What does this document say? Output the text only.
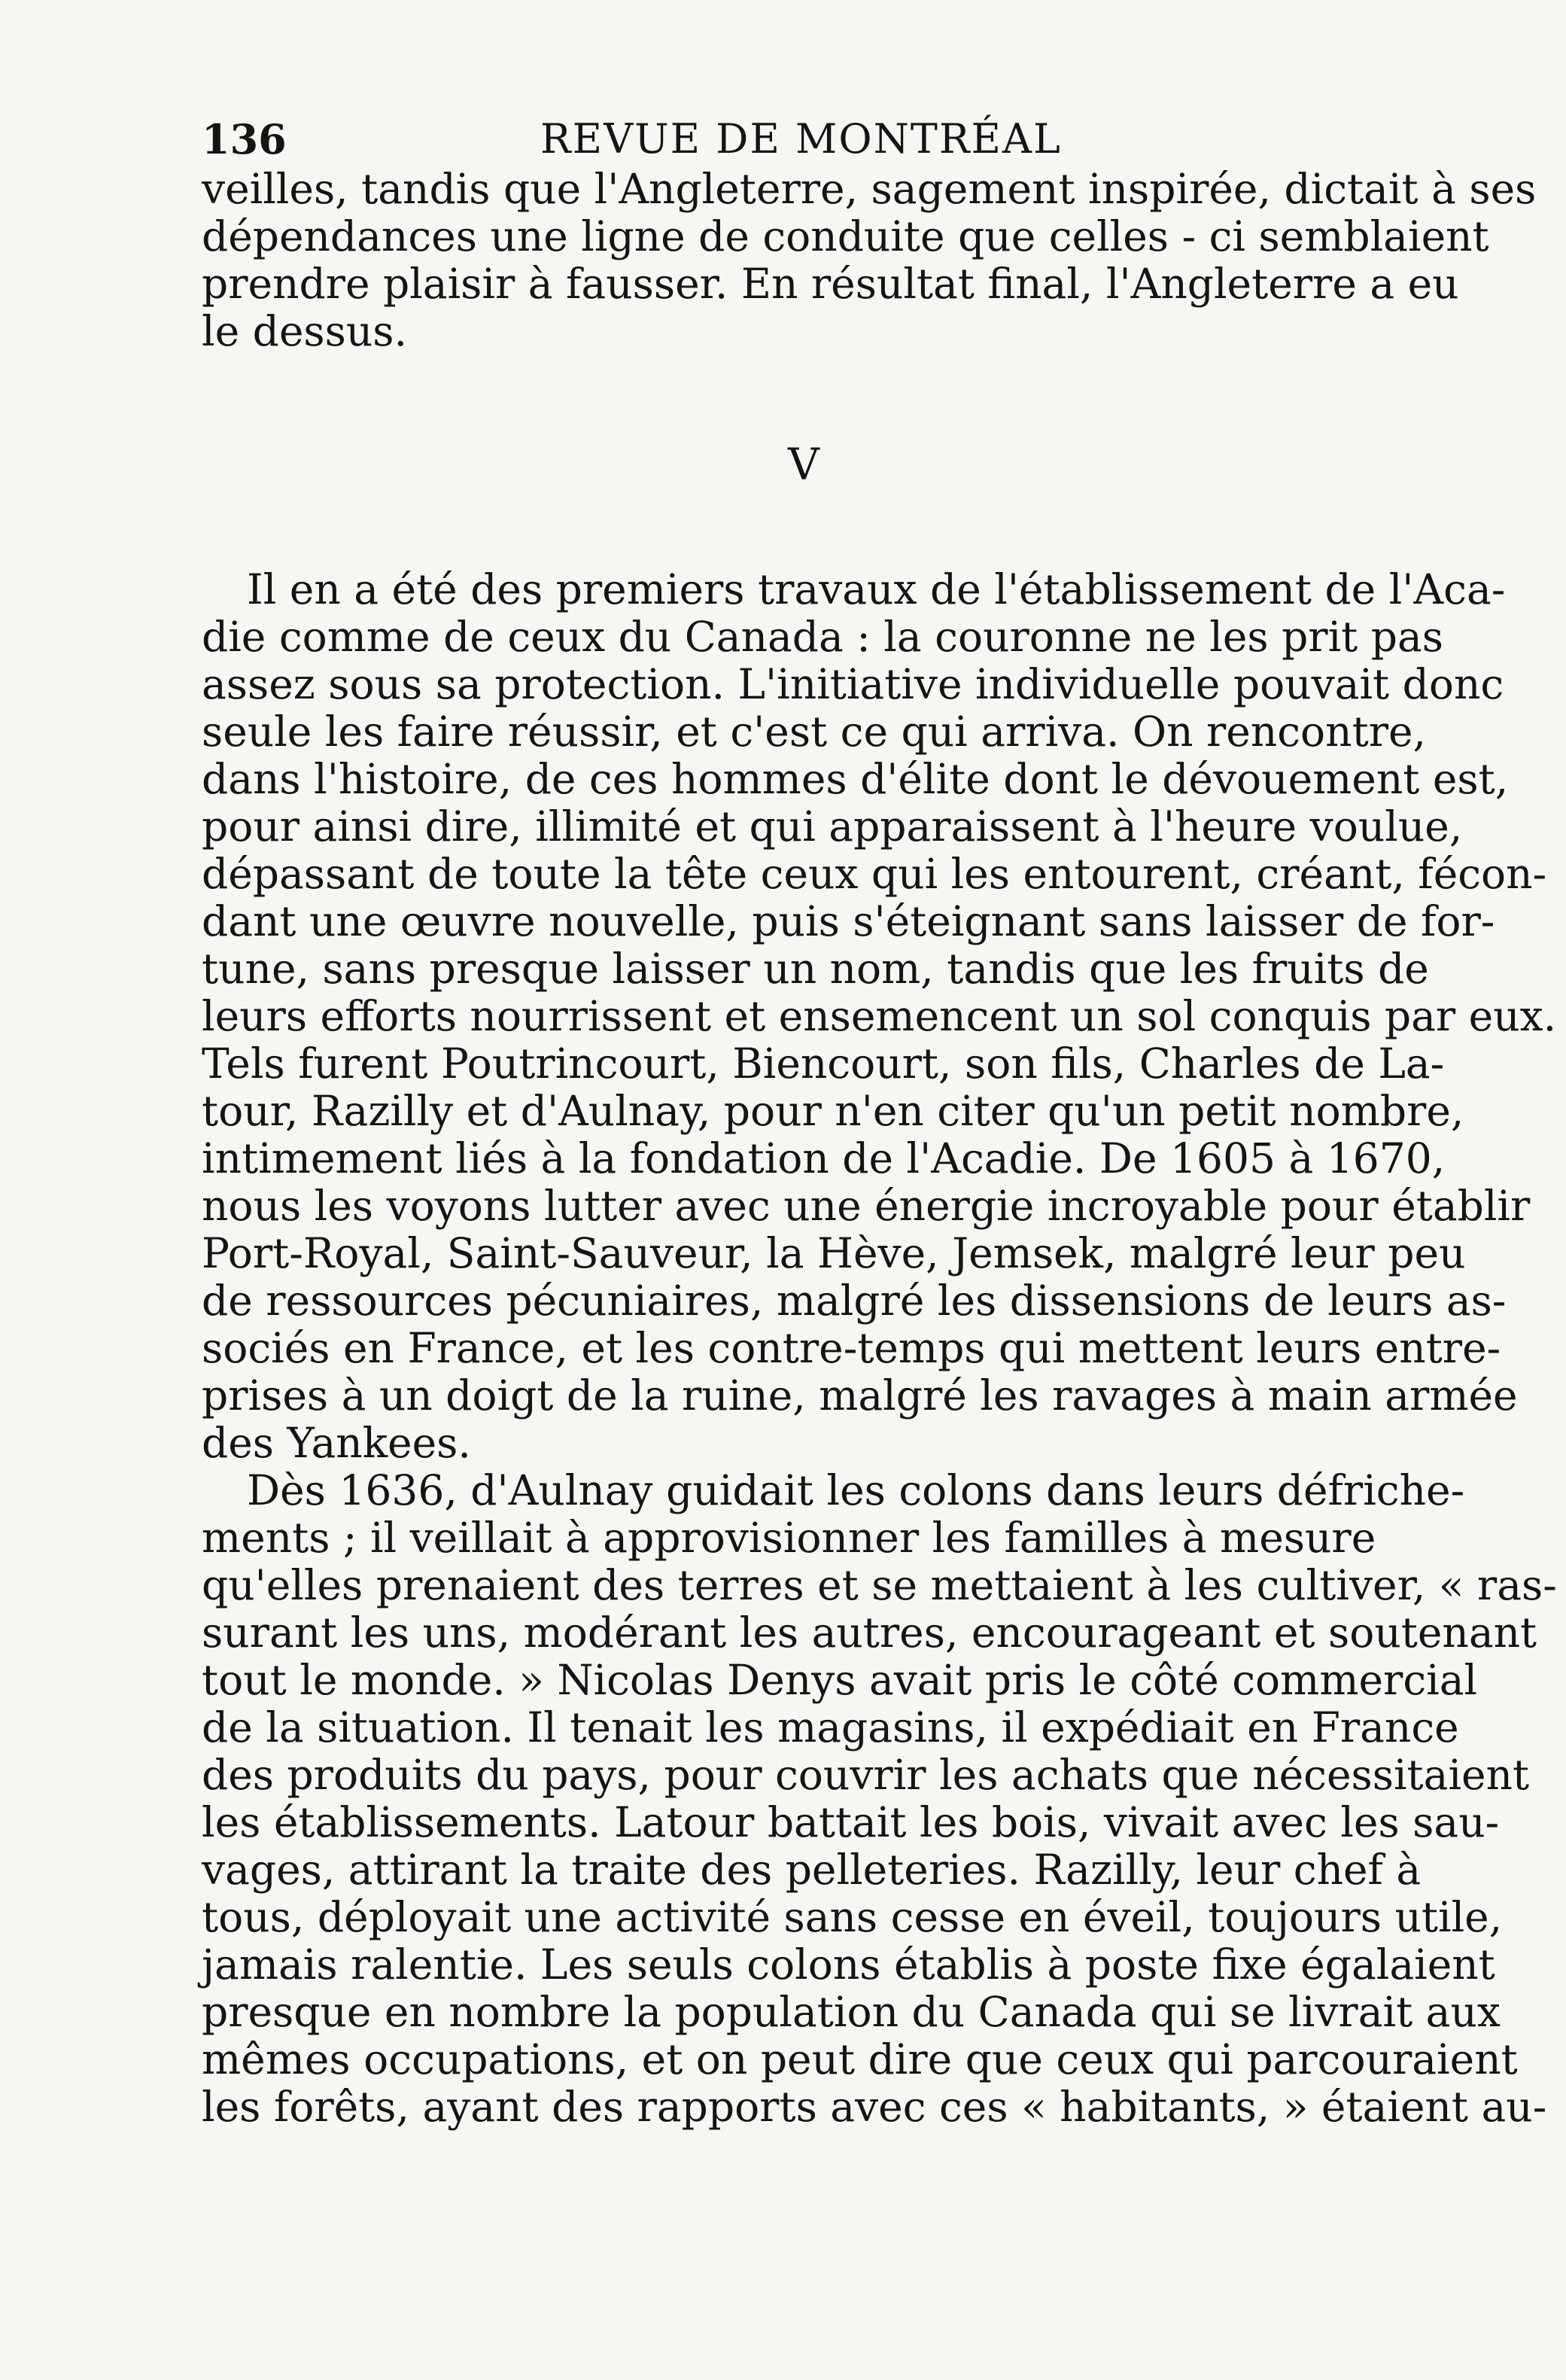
136	REVUE DE MONTRÉAL
veilles, tandis que l'Angleterre, sagement inspirée, dictait à ses
dépendances une ligne de conduite que celles - ci semblaient
prendre plaisir à fausser. En résultat final, l'Angleterre a eu
le dessus.
V
Il en a été des premiers travaux de l'établissement de l'Aca-
die comme de ceux du Canada : la couronne ne les prit pas
assez sous sa protection. L'initiative individuelle pouvait donc
seule les faire réussir, et c'est ce qui arriva. On rencontre,
dans l'histoire, de ces hommes d'élite dont le dévouement est,
pour ainsi dire, illimité et qui apparaissent à l'heure voulue,
dépassant de toute la tête ceux qui les entourent, créant, fécon-
dant une œuvre nouvelle, puis s'éteignant sans laisser de for-
tune, sans presque laisser un nom, tandis que les fruits de
leurs efforts nourrissent et ensemencent un sol conquis par eux.
Tels furent Poutrincourt, Biencourt, son fils, Charles de La-
tour, Razilly et d'Aulnay, pour n'en citer qu'un petit nombre,
intimement liés à la fondation de l'Acadie. De 1605 à 1670,
nous les voyons lutter avec une énergie incroyable pour établir
Port-Royal, Saint-Sauveur, la Hève, Jemsek, malgré leur peu
de ressources pécuniaires, malgré les dissensions de leurs as-
sociés en France, et les contre-temps qui mettent leurs entre-
prises à un doigt de la ruine, malgré les ravages à main armée
des Yankees.
Dès 1636, d'Aulnay guidait les colons dans leurs défriche-
ments ; il veillait à approvisionner les familles à mesure
qu'elles prenaient des terres et se mettaient à les cultiver, « ras-
surant les uns, modérant les autres, encourageant et soutenant
tout le monde. » Nicolas Denys avait pris le côté commercial
de la situation. Il tenait les magasins, il expédiait en France
des produits du pays, pour couvrir les achats que nécessitaient
les établissements. Latour battait les bois, vivait avec les sau-
vages, attirant la traite des pelleteries. Razilly, leur chef à
tous, déployait une activité sans cesse en éveil, toujours utile,
jamais ralentie. Les seuls colons établis à poste fixe égalaient
presque en nombre la population du Canada qui se livrait aux
mêmes occupations, et on peut dire que ceux qui parcouraient
les forêts, ayant des rapports avec ces « habitants, » étaient au-
